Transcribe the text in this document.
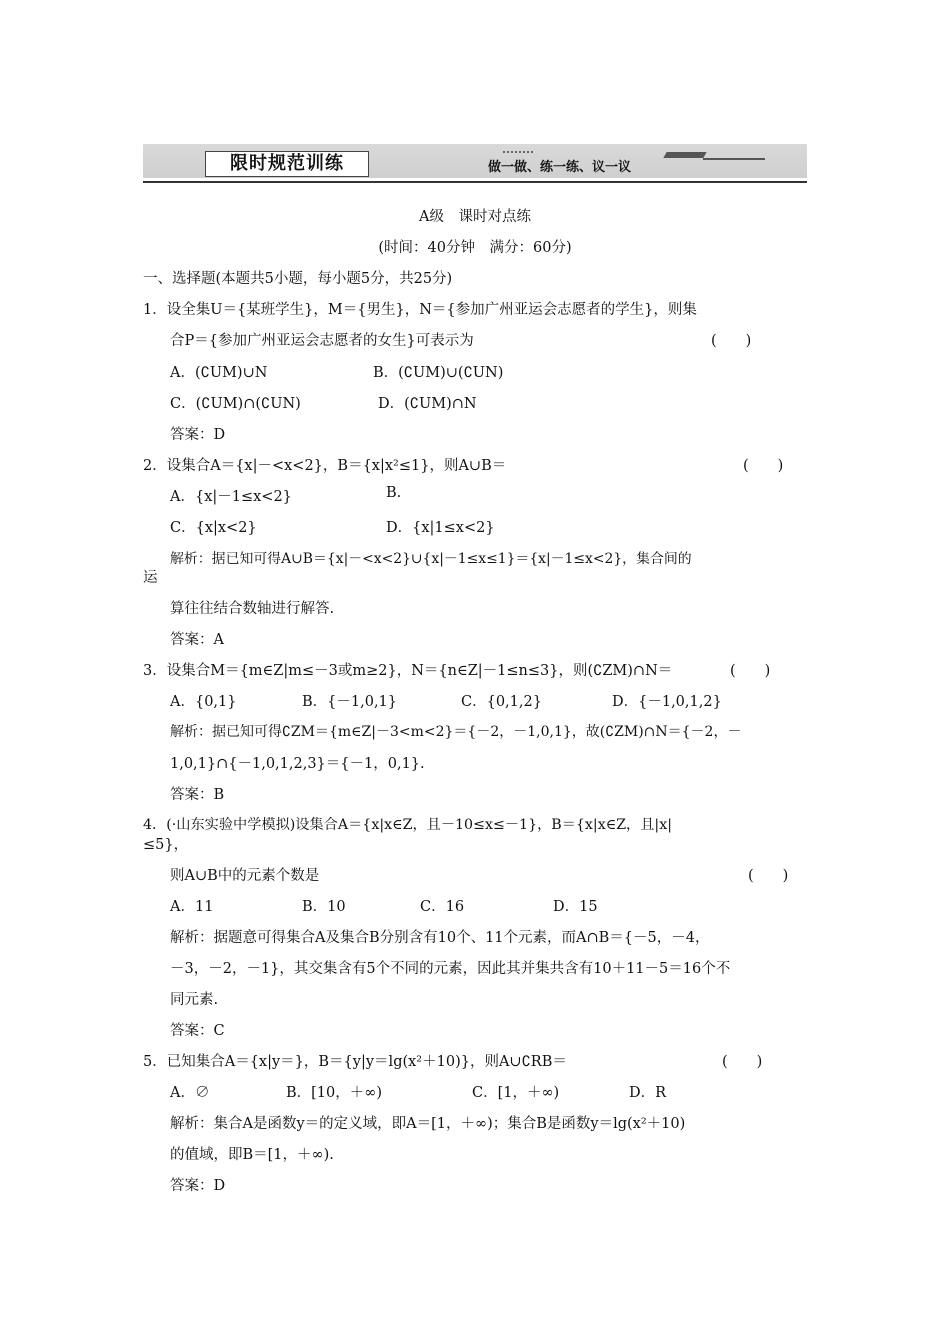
限时规范训练	做一做、练一练、议一议
A级　课时对点练
(时间：40分钟　满分：60分)
一、选择题(本题共5小题，每小题5分，共25分)
1．设全集U＝{某班学生}，M＝{男生}，N＝{参加广州亚运会志愿者的学生}，则集
合P＝{参加广州亚运会志愿者的女生}可表示为	(　　)
A．(∁UM)∪N	B．(∁UM)∪(∁UN)
C．(∁UM)∩(∁UN)	D．(∁UM)∩N
答案：D
2．设集合A＝{x|－<x<2}，B＝{x|x²≤1}，则A∪B＝	(　　)
A．{x|－1≤x<2}	B.
C．{x|x<2}	D．{x|1≤x<2}
解析：据已知可得A∪B＝{x|－<x<2}∪{x|－1≤x≤1}＝{x|－1≤x<2}，集合间的
运
算往往结合数轴进行解答.
答案：A
3．设集合M＝{m∈Z|m≤－3或m≥2}，N＝{n∈Z|－1≤n≤3}，则(∁ZM)∩N＝	(　　)
A．{0,1}	B．{－1,0,1}	C．{0,1,2}	D．{－1,0,1,2}
解析：据已知可得∁ZM＝{m∈Z|－3<m<2}＝{－2，－1,0,1}，故(∁ZM)∩N＝{－2，－
1,0,1}∩{－1,0,1,2,3}＝{－1，0,1}.
答案：B
4．(·山东实验中学模拟)设集合A＝{x|x∈Z，且－10≤x≤－1}，B＝{x|x∈Z，且|x|
≤5}，
则A∪B中的元素个数是	(　　)
A．11	B．10	C．16	D．15
解析：据题意可得集合A及集合B分别含有10个、11个元素，而A∩B＝{－5，－4，
－3，－2，－1}，其交集含有5个不同的元素，因此其并集共含有10＋11－5＝16个不
同元素.
答案：C
5．已知集合A＝{x|y＝}，B＝{y|y＝lg(x²＋10)}，则A∪∁RB＝	(　　)
A．∅	B．[10，＋∞)	C．[1，＋∞)	D．R
解析：集合A是函数y＝的定义域，即A＝[1，＋∞)；集合B是函数y＝lg(x²＋10)
的值域，即B＝[1，＋∞).
答案：D
